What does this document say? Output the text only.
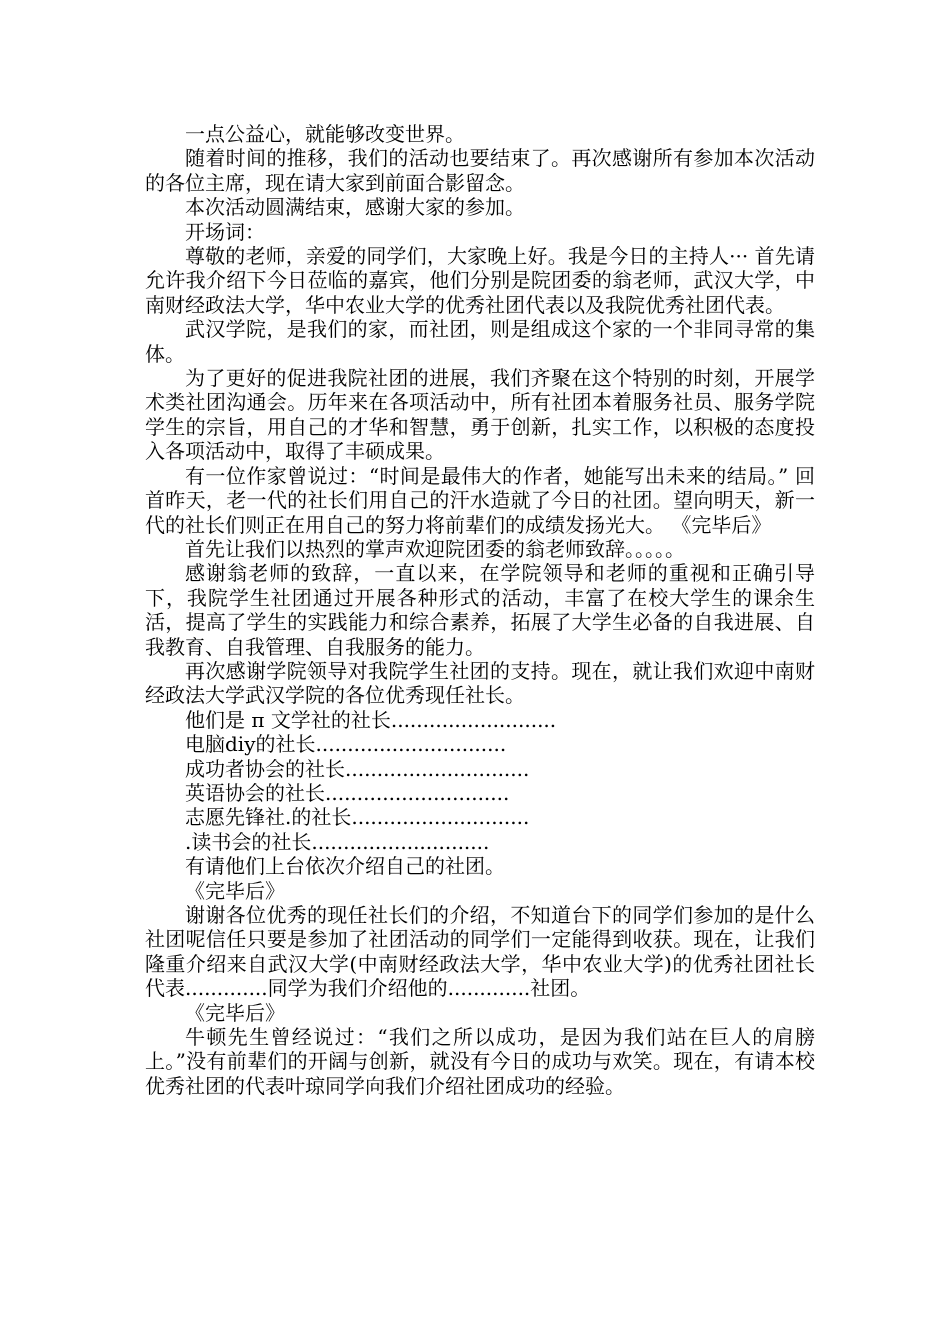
一点公益心，就能够改变世界。

随着时间的推移，我们的活动也要结束了。再次感谢所有参加本次活动的各位主席，现在请大家到前面合影留念。

本次活动圆满结束，感谢大家的参加。

开场词：

尊敬的老师，亲爱的同学们，大家晚上好。我是今日的主持人··· 首先请允许我介绍下今日莅临的嘉宾，他们分别是院团委的翁老师，武汉大学，中南财经政法大学，华中农业大学的优秀社团代表以及我院优秀社团代表。

武汉学院，是我们的家，而社团，则是组成这个家的一个非同寻常的集体。

为了更好的促进我院社团的进展，我们齐聚在这个特别的时刻，开展学术类社团沟通会。历年来在各项活动中，所有社团本着服务社员、服务学院学生的宗旨，用自己的才华和智慧，勇于创新，扎实工作，以积极的态度投入各项活动中，取得了丰硕成果。

有一位作家曾说过：“时间是最伟大的作者，她能写出未来的结局。” 回首昨天，老一代的社长们用自己的汗水造就了今日的社团。望向明天，新一代的社长们则正在用自己的努力将前辈们的成绩发扬光大。 《完毕后》

首先让我们以热烈的掌声欢迎院团委的翁老师致辞。。。。。

感谢翁老师的致辞，一直以来，在学院领导和老师的重视和正确引导下，我院学生社团通过开展各种形式的活动，丰富了在校大学生的课余生活，提高了学生的实践能力和综合素养，拓展了大学生必备的自我进展、自我教育、自我管理、自我服务的能力。

再次感谢学院领导对我院学生社团的支持。现在，就让我们欢迎中南财经政法大学武汉学院的各位优秀现任社长。

他们是 π 文学社的社长..........................

电脑diy的社长..............................

成功者协会的社长.............................

英语协会的社长.............................

志愿先锋社.的社长............................

.读书会的社长............................

有请他们上台依次介绍自己的社团。

《完毕后》

谢谢各位优秀的现任社长们的介绍，不知道台下的同学们参加的是什么社团呢信任只要是参加了社团活动的同学们一定能得到收获。现在，让我们隆重介绍来自武汉大学(中南财经政法大学，华中农业大学)的优秀社团社长代表.............同学为我们介绍他的.............社团。

《完毕后》

牛顿先生曾经说过：“我们之所以成功，是因为我们站在巨人的肩膀上。”没有前辈们的开阔与创新，就没有今日的成功与欢笑。现在，有请本校优秀社团的代表叶琼同学向我们介绍社团成功的经验。
